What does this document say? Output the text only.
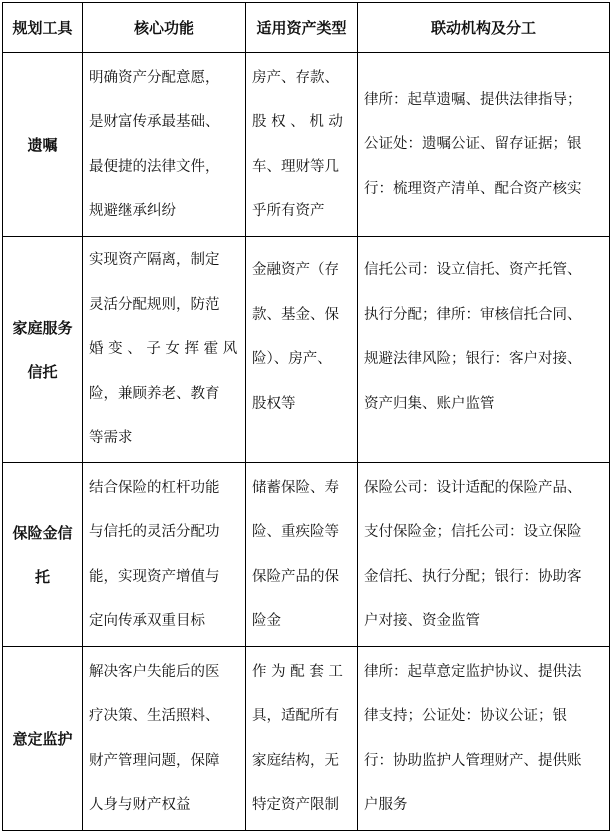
规划工具	核心功能	适用资产类型	联动机构及分工

遗嘱	明确资产分配意愿，
是财富传承最基础、
最便捷的法律文件，
规避继承纠纷	房产、存款、
股 权 、 机 动
车、理财等几
乎所有资产	律所：起草遗嘱、提供法律指导；
公证处：遗嘱公证、留存证据；银
行：梳理资产清单、配合资产核实

家庭服务
信托	实现资产隔离，制定
灵活分配规则，防范
婚 变 、 子 女 挥 霍 风
险，兼顾养老、教育
等需求	金融资产（存
款、基金、保
险）、房产、
股权等	信托公司：设立信托、资产托管、
执行分配；律所：审核信托合同、
规避法律风险；银行：客户对接、
资产归集、账户监管

保险金信
托	结合保险的杠杆功能
与信托的灵活分配功
能，实现资产增值与
定向传承双重目标	储蓄保险、寿
险、重疾险等
保险产品的保
险金	保险公司：设计适配的保险产品、
支付保险金；信托公司：设立保险
金信托、执行分配；银行：协助客
户对接、资金监管

意定监护	解决客户失能后的医
疗决策、生活照料、
财产管理问题，保障
人身与财产权益	作 为 配 套 工
具，适配所有
家庭结构，无
特定资产限制	律所：起草意定监护协议、提供法
律支持；公证处：协议公证；银
行：协助监护人管理财产、提供账
户服务
